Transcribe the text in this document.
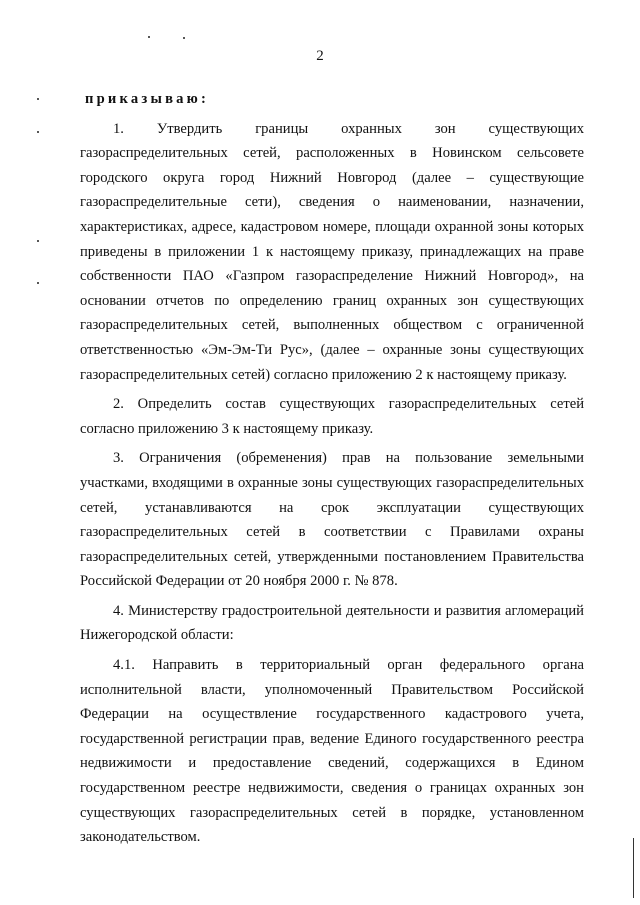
2

приказываю:

1. Утвердить границы охранных зон существующих газораспределительных сетей, расположенных в Новинском сельсовете городского округа город Нижний Новгород (далее – существующие газораспределительные сети), сведения о наименовании, назначении, характеристиках, адресе, кадастровом номере, площади охранной зоны которых приведены в приложении 1 к настоящему приказу, принадлежащих на праве собственности ПАО «Газпром газораспределение Нижний Новгород», на основании отчетов по определению границ охранных зон существующих газораспределительных сетей, выполненных обществом с ограниченной ответственностью «Эм-Эм-Ти Рус», (далее – охранные зоны существующих газораспределительных сетей) согласно приложению 2 к настоящему приказу.

2. Определить состав существующих газораспределительных сетей согласно приложению 3 к настоящему приказу.

3. Ограничения (обременения) прав на пользование земельными участками, входящими в охранные зоны существующих газораспределительных сетей, устанавливаются на срок эксплуатации существующих газораспределительных сетей в соответствии с Правилами охраны газораспределительных сетей, утвержденными постановлением Правительства Российской Федерации от 20 ноября 2000 г. № 878.

4. Министерству градостроительной деятельности и развития агломераций Нижегородской области:

4.1. Направить в территориальный орган федерального органа исполнительной власти, уполномоченный Правительством Российской Федерации на осуществление государственного кадастрового учета, государственной регистрации прав, ведение Единого государственного реестра недвижимости и предоставление сведений, содержащихся в Едином государственном реестре недвижимости, сведения о границах охранных зон существующих газораспределительных сетей в порядке, установленном законодательством.
